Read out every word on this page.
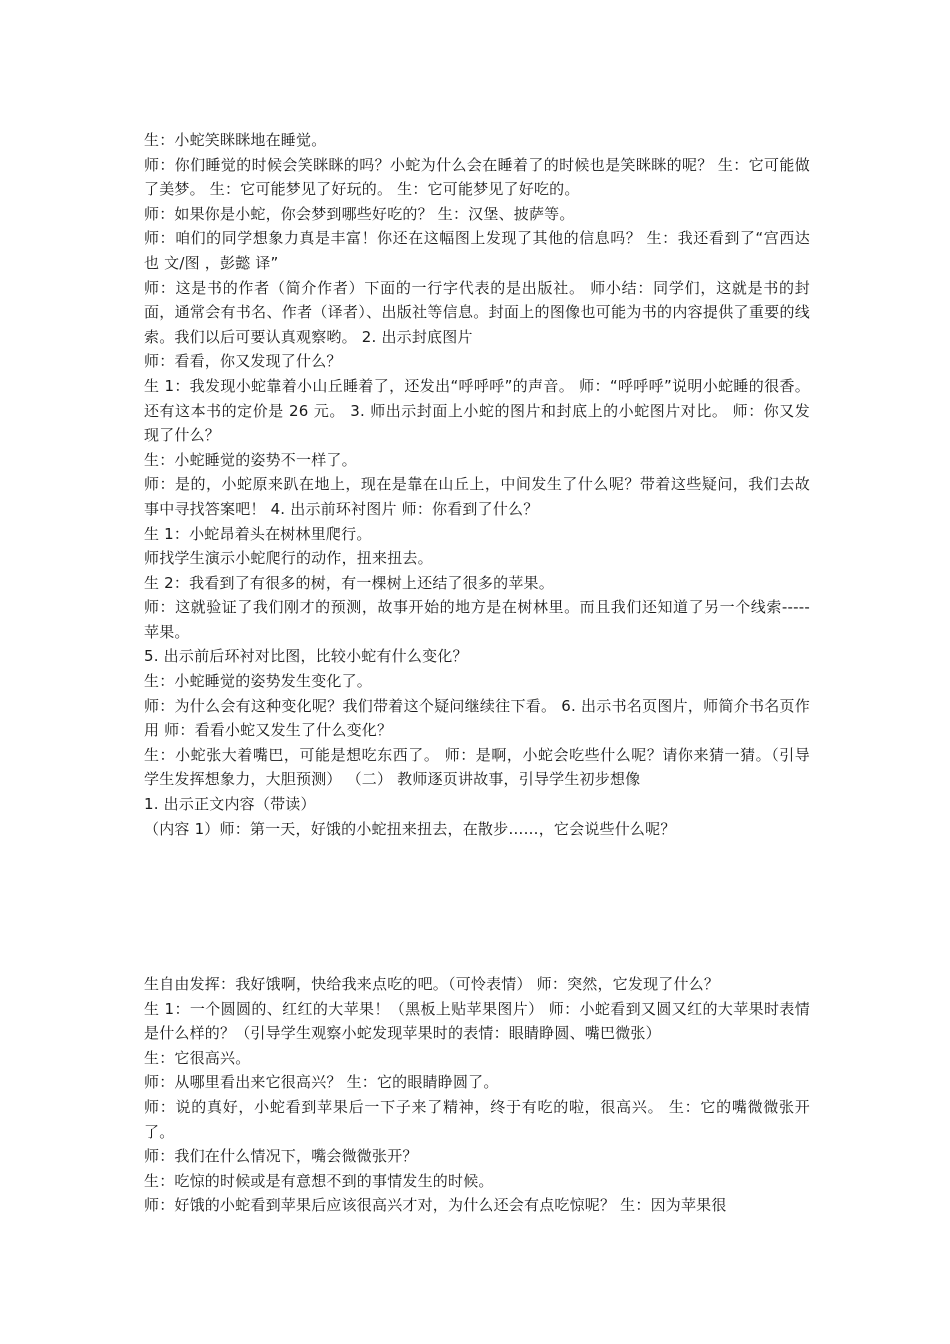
生：小蛇笑眯眯地在睡觉。

师：你们睡觉的时候会笑眯眯的吗？小蛇为什么会在睡着了的时候也是笑眯眯的呢？ 生：它可能做了美梦。 生：它可能梦见了好玩的。 生：它可能梦见了好吃的。

师：如果你是小蛇，你会梦到哪些好吃的？ 生：汉堡、披萨等。

师：咱们的同学想象力真是丰富！你还在这幅图上发现了其他的信息吗？ 生：我还看到了“宫西达也 文/图 ，彭懿 译”

师：这是书的作者（简介作者）下面的一行字代表的是出版社。 师小结：同学们，这就是书的封面，通常会有书名、作者（译者）、出版社等信息。封面上的图像也可能为书的内容提供了重要的线索。我们以后可要认真观察哟。 2. 出示封底图片

师：看看，你又发现了什么？

生 1：我发现小蛇靠着小山丘睡着了，还发出“呼呼呼”的声音。 师：“呼呼呼”说明小蛇睡的很香。还有这本书的定价是 26 元。 3. 师出示封面上小蛇的图片和封底上的小蛇图片对比。 师：你又发现了什么？

生：小蛇睡觉的姿势不一样了。

师：是的，小蛇原来趴在地上，现在是靠在山丘上，中间发生了什么呢？带着这些疑问，我们去故事中寻找答案吧！ 4. 出示前环衬图片 师：你看到了什么？

生 1：小蛇昂着头在树林里爬行。

师找学生演示小蛇爬行的动作，扭来扭去。

生 2：我看到了有很多的树，有一棵树上还结了很多的苹果。

师：这就验证了我们刚才的预测，故事开始的地方是在树林里。而且我们还知道了另一个线索-----苹果。

5. 出示前后环衬对比图，比较小蛇有什么变化？

生：小蛇睡觉的姿势发生变化了。

师：为什么会有这种变化呢？我们带着这个疑问继续往下看。 6. 出示书名页图片，师简介书名页作用 师：看看小蛇又发生了什么变化？

生：小蛇张大着嘴巴，可能是想吃东西了。 师：是啊，小蛇会吃些什么呢？请你来猜一猜。（引导学生发挥想象力，大胆预测） （二） 教师逐页讲故事，引导学生初步想像

1. 出示正文内容（带读）

（内容 1）师：第一天，好饿的小蛇扭来扭去，在散步……，它会说些什么呢？

生自由发挥：我好饿啊，快给我来点吃的吧。（可怜表情） 师：突然，它发现了什么？

生 1：一个圆圆的、红红的大苹果！（黑板上贴苹果图片） 师：小蛇看到又圆又红的大苹果时表情是什么样的？（引导学生观察小蛇发现苹果时的表情：眼睛睁圆、嘴巴微张）

生：它很高兴。

师：从哪里看出来它很高兴？ 生：它的眼睛睁圆了。

师：说的真好，小蛇看到苹果后一下子来了精神，终于有吃的啦，很高兴。 生：它的嘴微微张开了。

师：我们在什么情况下，嘴会微微张开？

生：吃惊的时候或是有意想不到的事情发生的时候。

师：好饿的小蛇看到苹果后应该很高兴才对，为什么还会有点吃惊呢？ 生：因为苹果很
